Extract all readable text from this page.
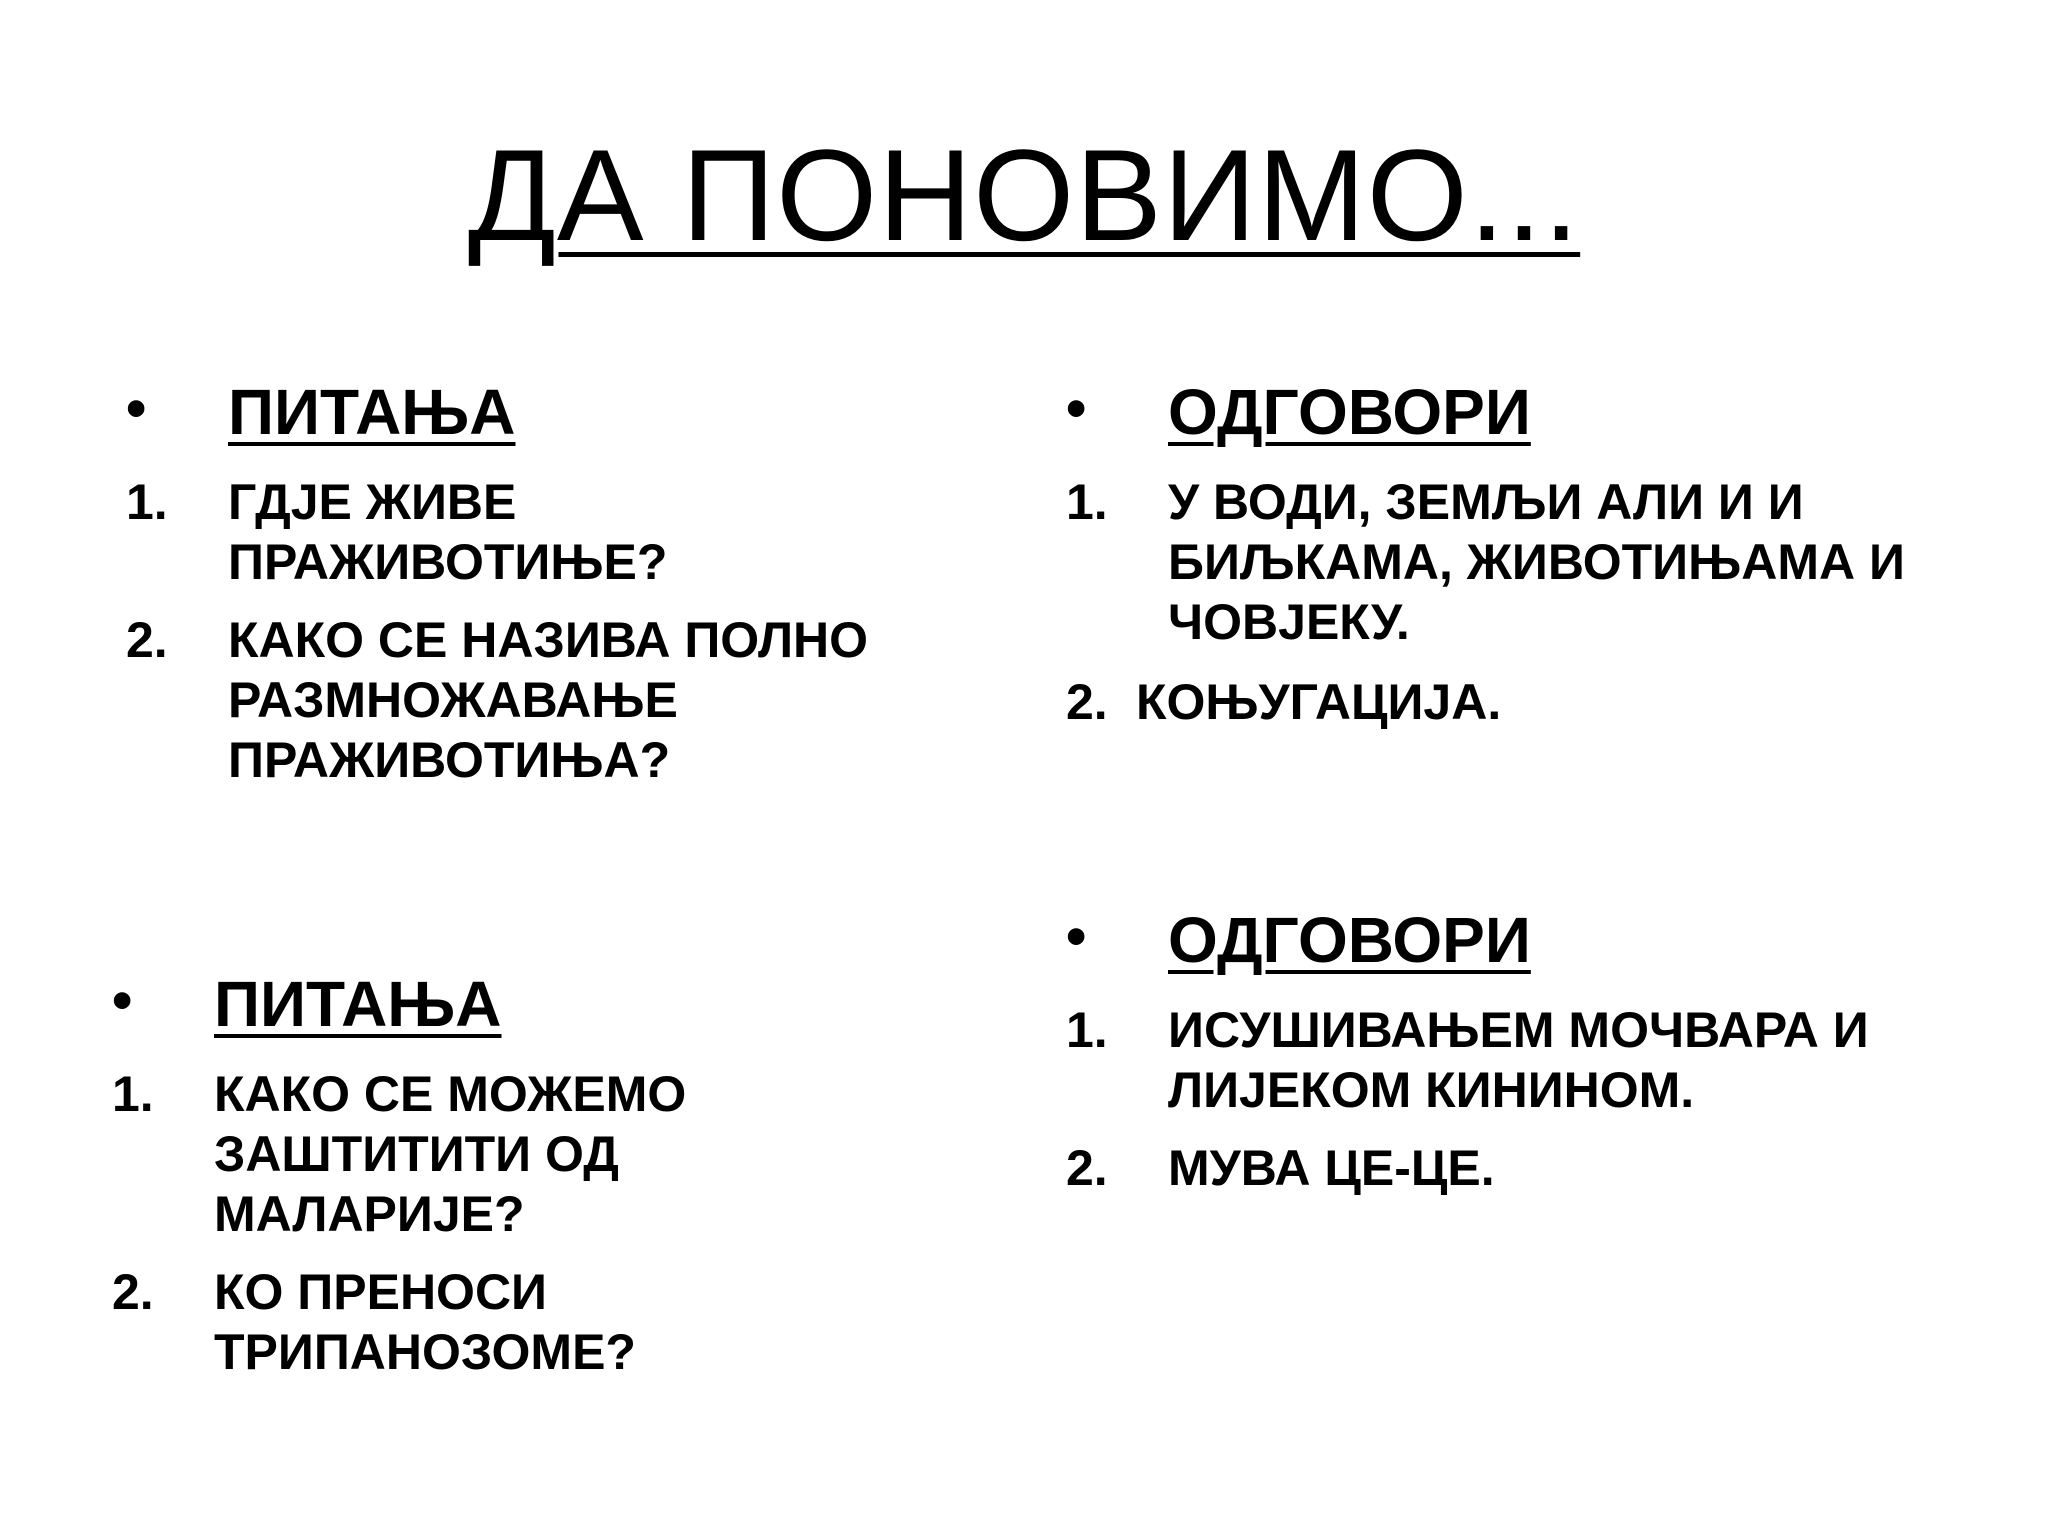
ДА ПОНОВИМО...
• ПИТАЊА
1. ГДЈЕ ЖИВЕ ПРАЖИВОТИЊЕ?
2. КАКО СЕ НАЗИВА ПОЛНО РАЗМНОЖАВАЊЕ ПРАЖИВОТИЊА?
• ОДГОВОРИ
1. У ВОДИ, ЗЕМЉИ АЛИ И И БИЉКАМА, ЖИВОТИЊАМА И ЧОВЈЕКУ.
2. КОЊУГАЦИЈА.
• ПИТАЊА
1. КАКО СЕ МОЖЕМО ЗАШТИТИТИ ОД МАЛАРИЈЕ?
2. КО ПРЕНОСИ ТРИПАНОЗОМЕ?
• ОДГОВОРИ
1. ИСУШИВАЊЕМ МОЧВАРА И ЛИЈЕКОМ КИНИНОМ.
2. МУВА ЦЕ-ЦЕ.
